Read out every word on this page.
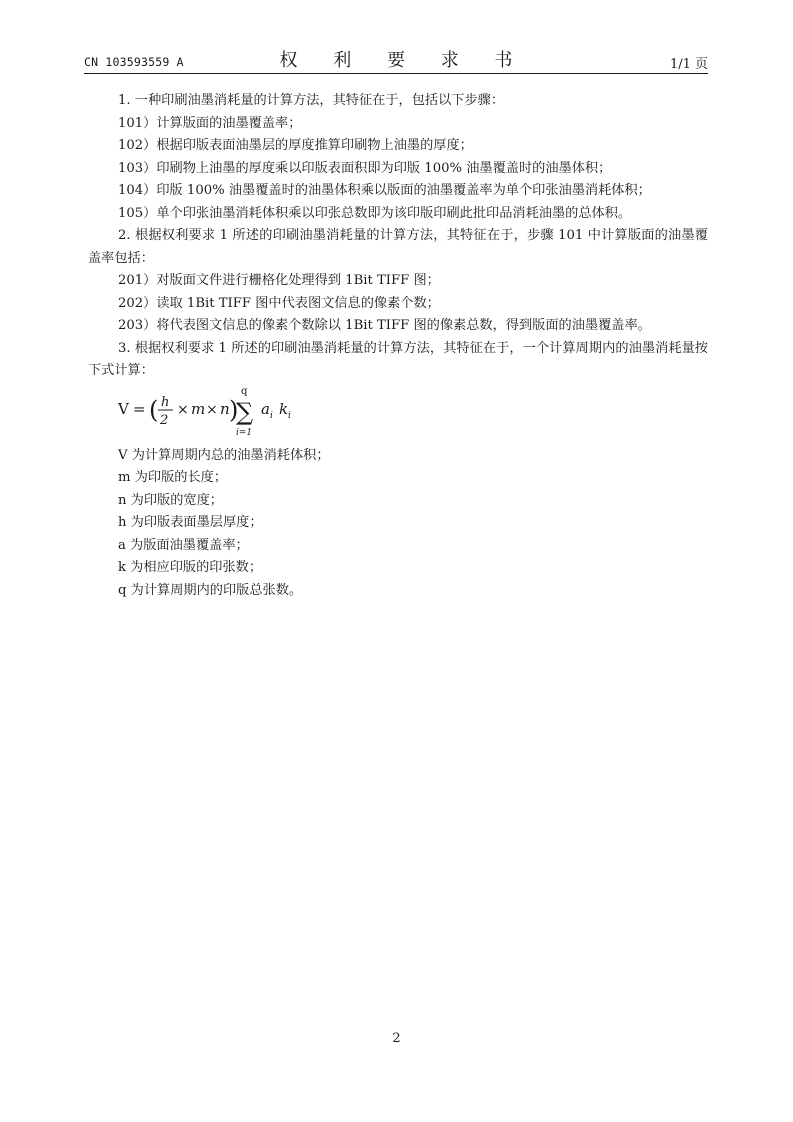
CN 103593559 A	权 利 要 求 书	1/1 页

1. 一种印刷油墨消耗量的计算方法，其特征在于，包括以下步骤：

101）计算版面的油墨覆盖率；

102）根据印版表面油墨层的厚度推算印刷物上油墨的厚度；

103）印刷物上油墨的厚度乘以印版表面积即为印版 100% 油墨覆盖时的油墨体积；

104）印版 100% 油墨覆盖时的油墨体积乘以版面的油墨覆盖率为单个印张油墨消耗体积；

105）单个印张油墨消耗体积乘以印张总数即为该印版印刷此批印品消耗油墨的总体积。

2. 根据权利要求 1 所述的印刷油墨消耗量的计算方法，其特征在于，步骤 101 中计算版面的油墨覆盖率包括：

201）对版面文件进行栅格化处理得到 1Bit TIFF 图；

202）读取 1Bit TIFF 图中代表图文信息的像素个数；

203）将代表图文信息的像素个数除以 1Bit TIFF 图的像素总数，得到版面的油墨覆盖率。

3. 根据权利要求 1 所述的印刷油墨消耗量的计算方法，其特征在于，一个计算周期内的油墨消耗量按下式计算：

V = ( h
2
× m × n )
q
∑
i=1
a i k i

V 为计算周期内总的油墨消耗体积；

m 为印版的长度；

n 为印版的宽度；

h 为印版表面墨层厚度；

a 为版面油墨覆盖率；

k 为相应印版的印张数；

q 为计算周期内的印版总张数。

2
